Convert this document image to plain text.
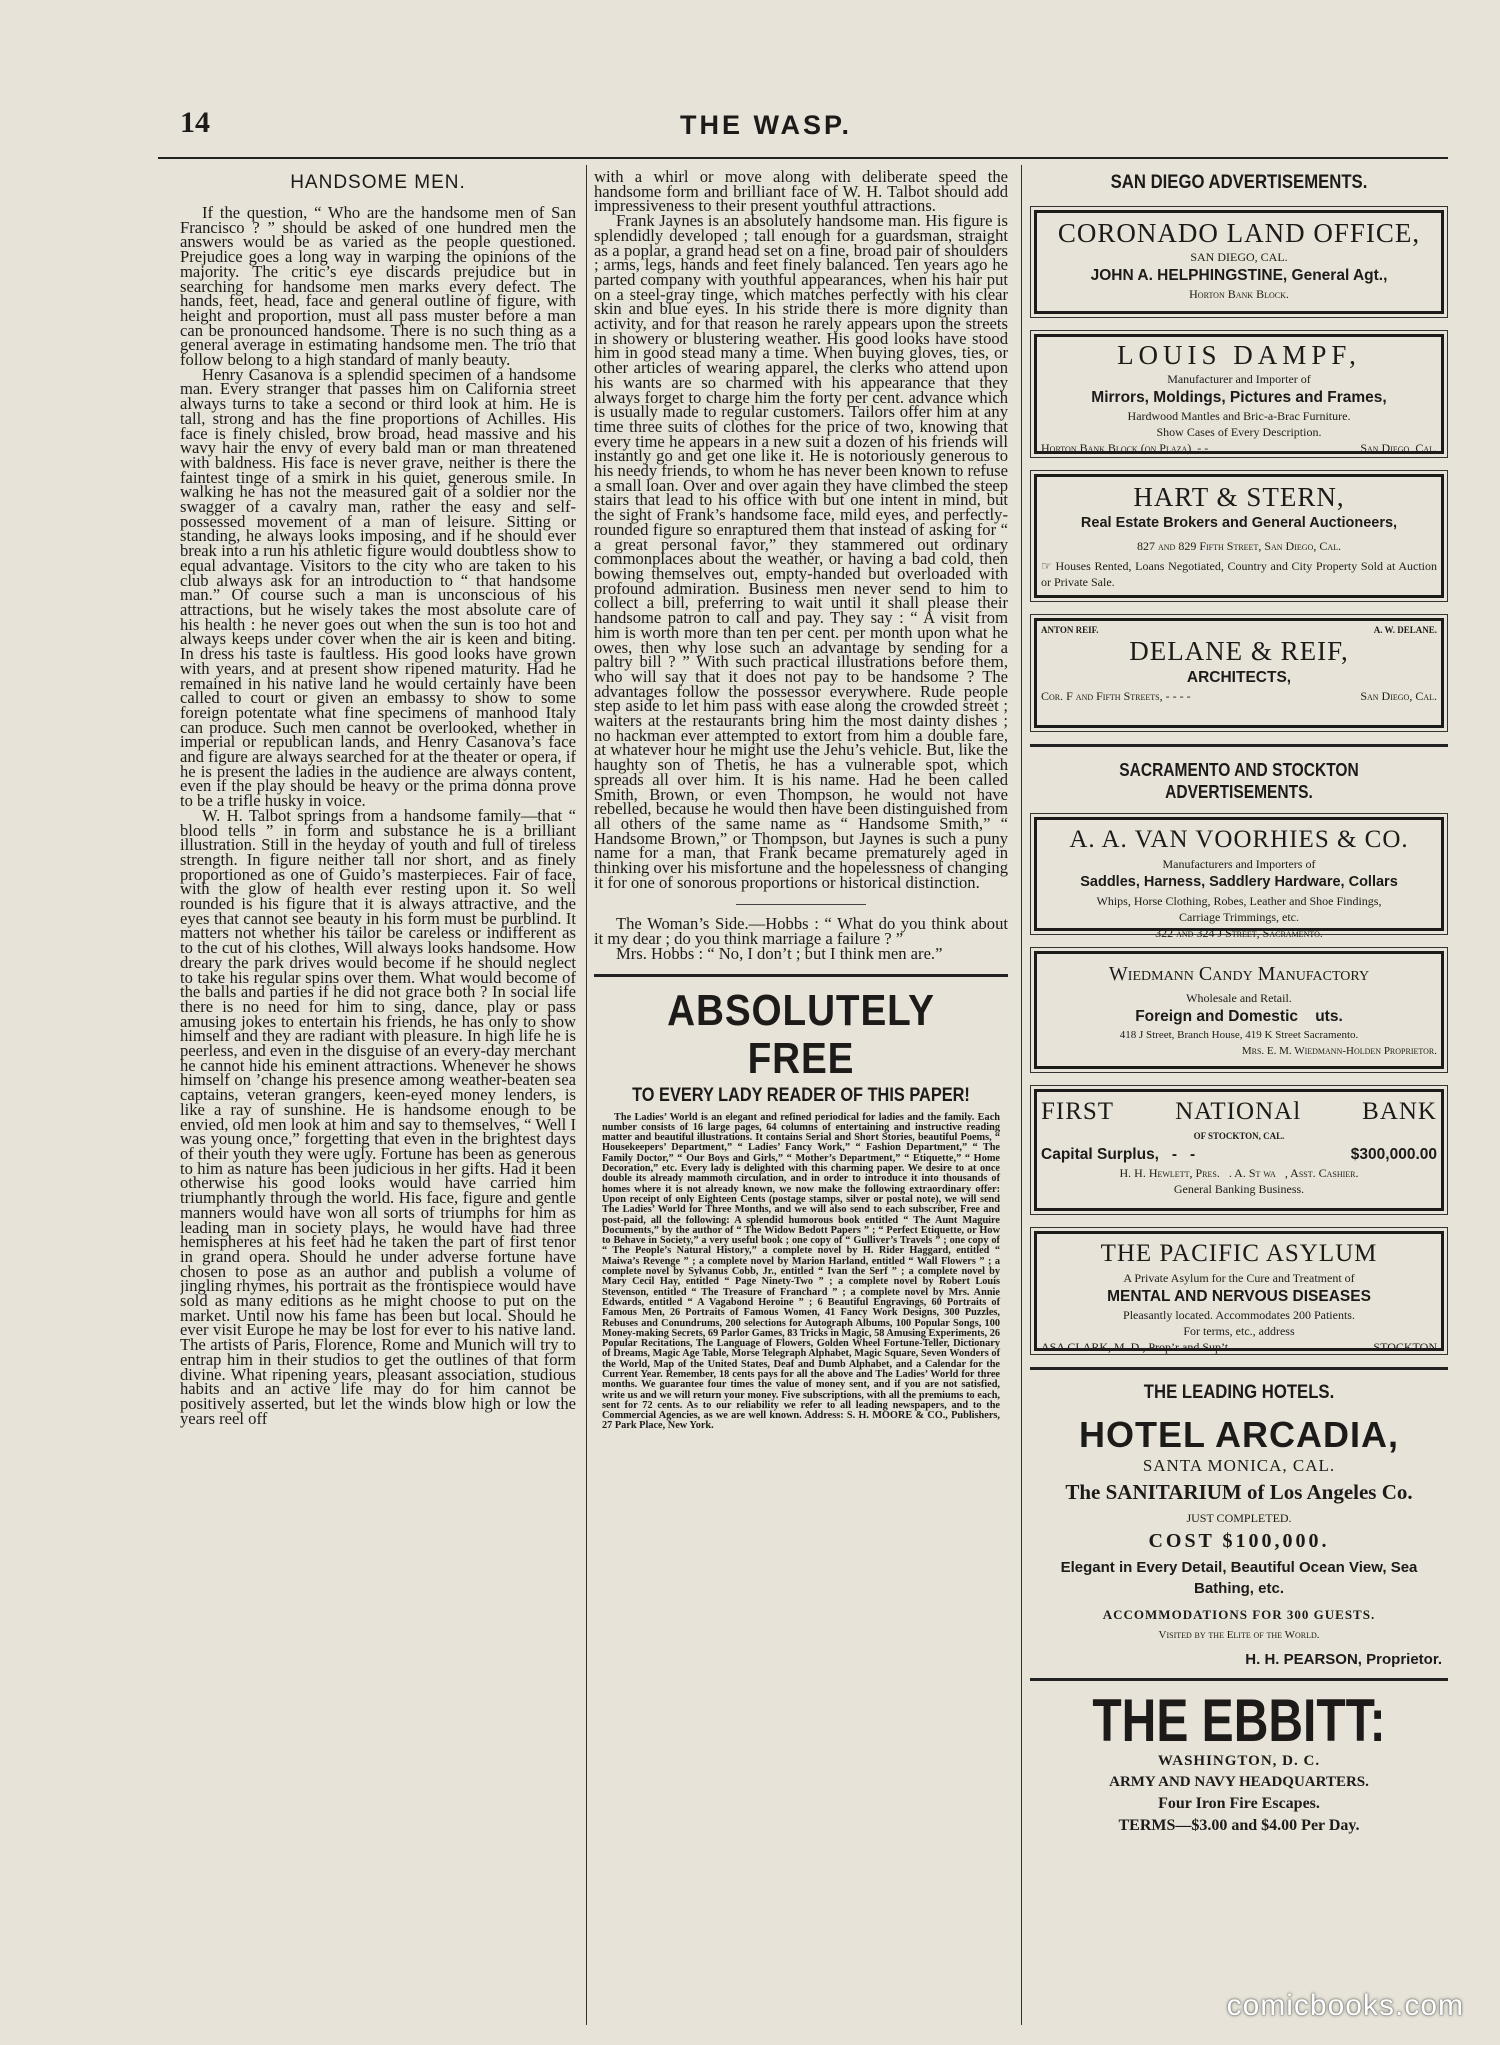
14	THE WASP.
HANDSOME MEN.

If the question, “ Who are the handsome men of San Francisco ? ” should be asked of one hundred men the answers would be as varied as the people questioned. Prejudice goes a long way in warping the opinions of the majority. The critic’s eye discards prejudice but in searching for handsome men marks every defect. The hands, feet, head, face and general outline of figure, with height and proportion, must all pass muster before a man can be pronounced handsome. There is no such thing as a general average in estimating handsome men. The trio that follow belong to a high standard of manly beauty.

Henry Casanova is a splendid specimen of a handsome man. Every stranger that passes him on California street always turns to take a second or third look at him. He is tall, strong and has the fine proportions of Achilles. His face is finely chisled, brow broad, head massive and his wavy hair the envy of every bald man or man threatened with baldness. His face is never grave, neither is there the faintest tinge of a smirk in his quiet, generous smile. In walking he has not the measured gait of a soldier nor the swagger of a cavalry man, rather the easy and self-possessed movement of a man of leisure. Sitting or standing, he always looks imposing, and if he should ever break into a run his athletic figure would doubtless show to equal advantage. Visitors to the city who are taken to his club always ask for an introduction to “ that handsome man.” Of course such a man is unconscious of his attractions, but he wisely takes the most absolute care of his health : he never goes out when the sun is too hot and always keeps under cover when the air is keen and biting. In dress his taste is faultless. His good looks have grown with years, and at present show ripened maturity. Had he remained in his native land he would certainly have been called to court or given an embassy to show to some foreign potentate what fine specimens of manhood Italy can produce. Such men cannot be overlooked, whether in imperial or republican lands, and Henry Casanova’s face and figure are always searched for at the theater or opera, if he is present the ladies in the audience are always content, even if the play should be heavy or the prima donna prove to be a trifle husky in voice.

W. H. Talbot springs from a handsome family—that “ blood tells ” in form and substance he is a brilliant illustration. Still in the heyday of youth and full of tireless strength. In figure neither tall nor short, and as finely proportioned as one of Guido’s masterpieces. Fair of face, with the glow of health ever resting upon it. So well rounded is his figure that it is always attractive, and the eyes that cannot see beauty in his form must be purblind. It matters not whether his tailor be careless or indifferent as to the cut of his clothes, Will always looks handsome. How dreary the park drives would become if he should neglect to take his regular spins over them. What would become of the balls and parties if he did not grace both ? In social life there is no need for him to sing, dance, play or pass amusing jokes to entertain his friends, he has only to show himself and they are radiant with pleasure. In high life he is peerless, and even in the disguise of an every-day merchant he cannot hide his eminent attractions. Whenever he shows himself on ’change his presence among weather-beaten sea captains, veteran grangers, keen-eyed money lenders, is like a ray of sunshine. He is handsome enough to be envied, old men look at him and say to themselves, “ Well I was young once,” forgetting that even in the brightest days of their youth they were ugly. Fortune has been as generous to him as nature has been judicious in her gifts. Had it been otherwise his good looks would have carried him triumphantly through the world. His face, figure and gentle manners would have won all sorts of triumphs for him as leading man in society plays, he would have had three hemispheres at his feet had he taken the part of first tenor in grand opera. Should he under adverse fortune have chosen to pose as an author and publish a volume of jingling rhymes, his portrait as the frontispiece would have sold as many editions as he might choose to put on the market. Until now his fame has been but local. Should he ever visit Europe he may be lost for ever to his native land. The artists of Paris, Florence, Rome and Munich will try to entrap him in their studios to get the outlines of that form divine. What ripening years, pleasant association, studious habits and an active life may do for him cannot be positively asserted, but let the winds blow high or low the years reel off

with a whirl or move along with deliberate speed the handsome form and brilliant face of W. H. Talbot should add impressiveness to their present youthful attractions.

Frank Jaynes is an absolutely handsome man. His figure is splendidly developed ; tall enough for a guardsman, straight as a poplar, a grand head set on a fine, broad pair of shoulders ; arms, legs, hands and feet finely balanced. Ten years ago he parted company with youthful appearances, when his hair put on a steel-gray tinge, which matches perfectly with his clear skin and blue eyes. In his stride there is more dignity than activity, and for that reason he rarely appears upon the streets in showery or blustering weather. His good looks have stood him in good stead many a time. When buying gloves, ties, or other articles of wearing apparel, the clerks who attend upon his wants are so charmed with his appearance that they always forget to charge him the forty per cent. advance which is usually made to regular customers. Tailors offer him at any time three suits of clothes for the price of two, knowing that every time he appears in a new suit a dozen of his friends will instantly go and get one like it. He is notoriously generous to his needy friends, to whom he has never been known to refuse a small loan. Over and over again they have climbed the steep stairs that lead to his office with but one intent in mind, but the sight of Frank’s handsome face, mild eyes, and perfectly-rounded figure so enraptured them that instead of asking for “ a great personal favor,” they stammered out ordinary commonplaces about the weather, or having a bad cold, then bowing themselves out, empty-handed but overloaded with profound admiration. Business men never send to him to collect a bill, preferring to wait until it shall please their handsome patron to call and pay. They say : “ A visit from him is worth more than ten per cent. per month upon what he owes, then why lose such an advantage by sending for a paltry bill ? ” With such practical illustrations before them, who will say that it does not pay to be handsome ? The advantages follow the possessor everywhere. Rude people step aside to let him pass with ease along the crowded street ; waiters at the restaurants bring him the most dainty dishes ; no hackman ever attempted to extort from him a double fare, at whatever hour he might use the Jehu’s vehicle. But, like the haughty son of Thetis, he has a vulnerable spot, which spreads all over him. It is his name. Had he been called Smith, Brown, or even Thompson, he would not have rebelled, because he would then have been distinguished from all others of the same name as “ Handsome Smith,” “ Handsome Brown,” or Thompson, but Jaynes is such a puny name for a man, that Frank became prematurely aged in thinking over his misfortune and the hopelessness of changing it for one of sonorous proportions or historical distinction.

The Woman’s Side.—Hobbs : “ What do you think about it my dear ; do you think marriage a failure ? ”

Mrs. Hobbs : “ No, I don’t ; but I think men are.”

ABSOLUTELY FREE
TO EVERY LADY READER OF THIS PAPER!

The Ladies’ World is an elegant and refined periodical for ladies and the family. Each number consists of 16 large pages, 64 columns of entertaining and instructive reading matter and beautiful illustrations. It contains Serial and Short Stories, beautiful Poems, “ Housekeepers’ Department,” “ Ladies’ Fancy Work,” “ Fashion Department,” “ The Family Doctor,” “ Our Boys and Girls,” “ Mother’s Department,” “ Etiquette,” “ Home Decoration,” etc. Every lady is delighted with this charming paper. We desire to at once double its already mammoth circulation, and in order to introduce it into thousands of homes where it is not already known, we now make the following extraordinary offer: Upon receipt of only Eighteen Cents (postage stamps, silver or postal note), we will send The Ladies’ World for Three Months, and we will also send to each subscriber, Free and post-paid, all the following: A splendid humorous book entitled “ The Aunt Maguire Documents,” by the author of “ The Widow Bedott Papers ” ; “ Perfect Etiquette, or How to Behave in Society,” a very useful book ; one copy of “ Gulliver’s Travels ” ; one copy of “ The People’s Natural History,” a complete novel by H. Rider Haggard, entitled “ Maiwa’s Revenge ” ; a complete novel by Marion Harland, entitled “ Wall Flowers ” ; a complete novel by Sylvanus Cobb, Jr., entitled “ Ivan the Serf ” ; a complete novel by Mary Cecil Hay, entitled “ Page Ninety-Two ” ; a complete novel by Robert Louis Stevenson, entitled “ The Treasure of Franchard ” ; a complete novel by Mrs. Annie Edwards, entitled “ A Vagabond Heroine ” ; 6 Beautiful Engravings, 60 Portraits of Famous Men, 26 Portraits of Famous Women, 41 Fancy Work Designs, 300 Puzzles, Rebuses and Conundrums, 200 selections for Autograph Albums, 100 Popular Songs, 100 Money-making Secrets, 69 Parlor Games, 83 Tricks in Magic, 58 Amusing Experiments, 26 Popular Recitations, The Language of Flowers, Golden Wheel Fortune-Teller, Dictionary of Dreams, Magic Age Table, Morse Telegraph Alphabet, Magic Square, Seven Wonders of the World, Map of the United States, Deaf and Dumb Alphabet, and a Calendar for the Current Year. Remember, 18 cents pays for all the above and The Ladies’ World for three months. We guarantee four times the value of money sent, and if you are not satisfied, write us and we will return your money. Five subscriptions, with all the premiums to each, sent for 72 cents. As to our reliability we refer to all leading newspapers, and to the Commercial Agencies, as we are well known. Address: S. H. MOORE & CO., Publishers, 27 Park Place, New York.

SAN DIEGO ADVERTISEMENTS.
CORONADO LAND OFFICE,
SAN DIEGO, CAL.
JOHN A. HELPHINGSTINE, General Agt.,
Horton Bank Block.
LOUIS DAMPF,
Manufacturer and Importer of
Mirrors, Moldings, Pictures and Frames,
Hardwood Mantles and Bric-a-Brac Furniture.
Show Cases of Every Description.
Horton Bank Block (on Plaza), - -	San Diego, Cal.
HART & STERN,
Real Estate Brokers and General Auctioneers,
827 and 829 Fifth Street, San Diego, Cal.
☞ Houses Rented, Loans Negotiated, Country and City Property Sold at Auction or Private Sale.
ANTON REIF.	A. W. DELANE.
DELANE & REIF,
ARCHITECTS,
Cor. F and Fifth Streets, - - - -	San Diego, Cal.
SACRAMENTO AND STOCKTON ADVERTISEMENTS.
A. A. VAN VOORHIES & CO.
Manufacturers and Importers of
Saddles, Harness, Saddlery Hardware, Collars
Whips, Horse Clothing, Robes, Leather and Shoe Findings,
Carriage Trimmings, etc.
322 and 324 J Street, Sacramento.
Wiedmann Candy Manufactory
Wholesale and Retail.
Foreign and Domestic    uts.
418 J Street, Branch House, 419 K Street Sacramento.
Mrs. E. M. Wiedmann-Holden Proprietor.
FIRST NATIONAl BANK
OF STOCKTON, CAL.
Capital Surplus,   -   -	$300,000.00
H. H. Hewlett, Pres.   . A. St wa   , Asst. Cashier.
General Banking Business.
THE PACIFIC ASYLUM
A Private Asylum for the Cure and Treatment of
MENTAL AND NERVOUS DISEASES
Pleasantly located. Accommodates 200 Patients.
For terms, etc., address
ASA CLARK, M. D., Prop’r and Sup’t.	STOCKTON
THE LEADING HOTELS.
HOTEL ARCADIA,
SANTA MONICA, CAL.
The SANITARIUM of Los Angeles Co.
JUST COMPLETED.
COST $100,000.
Elegant in Every Detail, Beautiful Ocean View, Sea Bathing, etc.
ACCOMMODATIONS FOR 300 GUESTS.
Visited by the Elite of the World.
H. H. PEARSON, Proprietor.
THE EBBITT:
WASHINGTON, D. C.
ARMY AND NAVY HEADQUARTERS.
Four Iron Fire Escapes.
TERMS—$3.00 and $4.00 Per Day.
comicbooks.com
